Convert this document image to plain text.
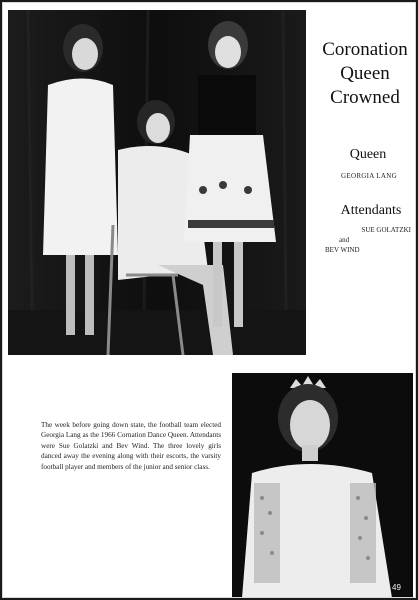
Coronation
Queen
Crowned
Queen
GEORGIA LANG
Attendants
SUE GOLATZKI
and
BEV WIND
The week before going down state, the football team elected Georgia Lang as the 1966 Cornation Dance Queen. Attendants were Sue Golatzki and Bev Wind. The three lovely girls danced away the evening along with their escorts, the varsity football player and members of the junior and senior class.
49
